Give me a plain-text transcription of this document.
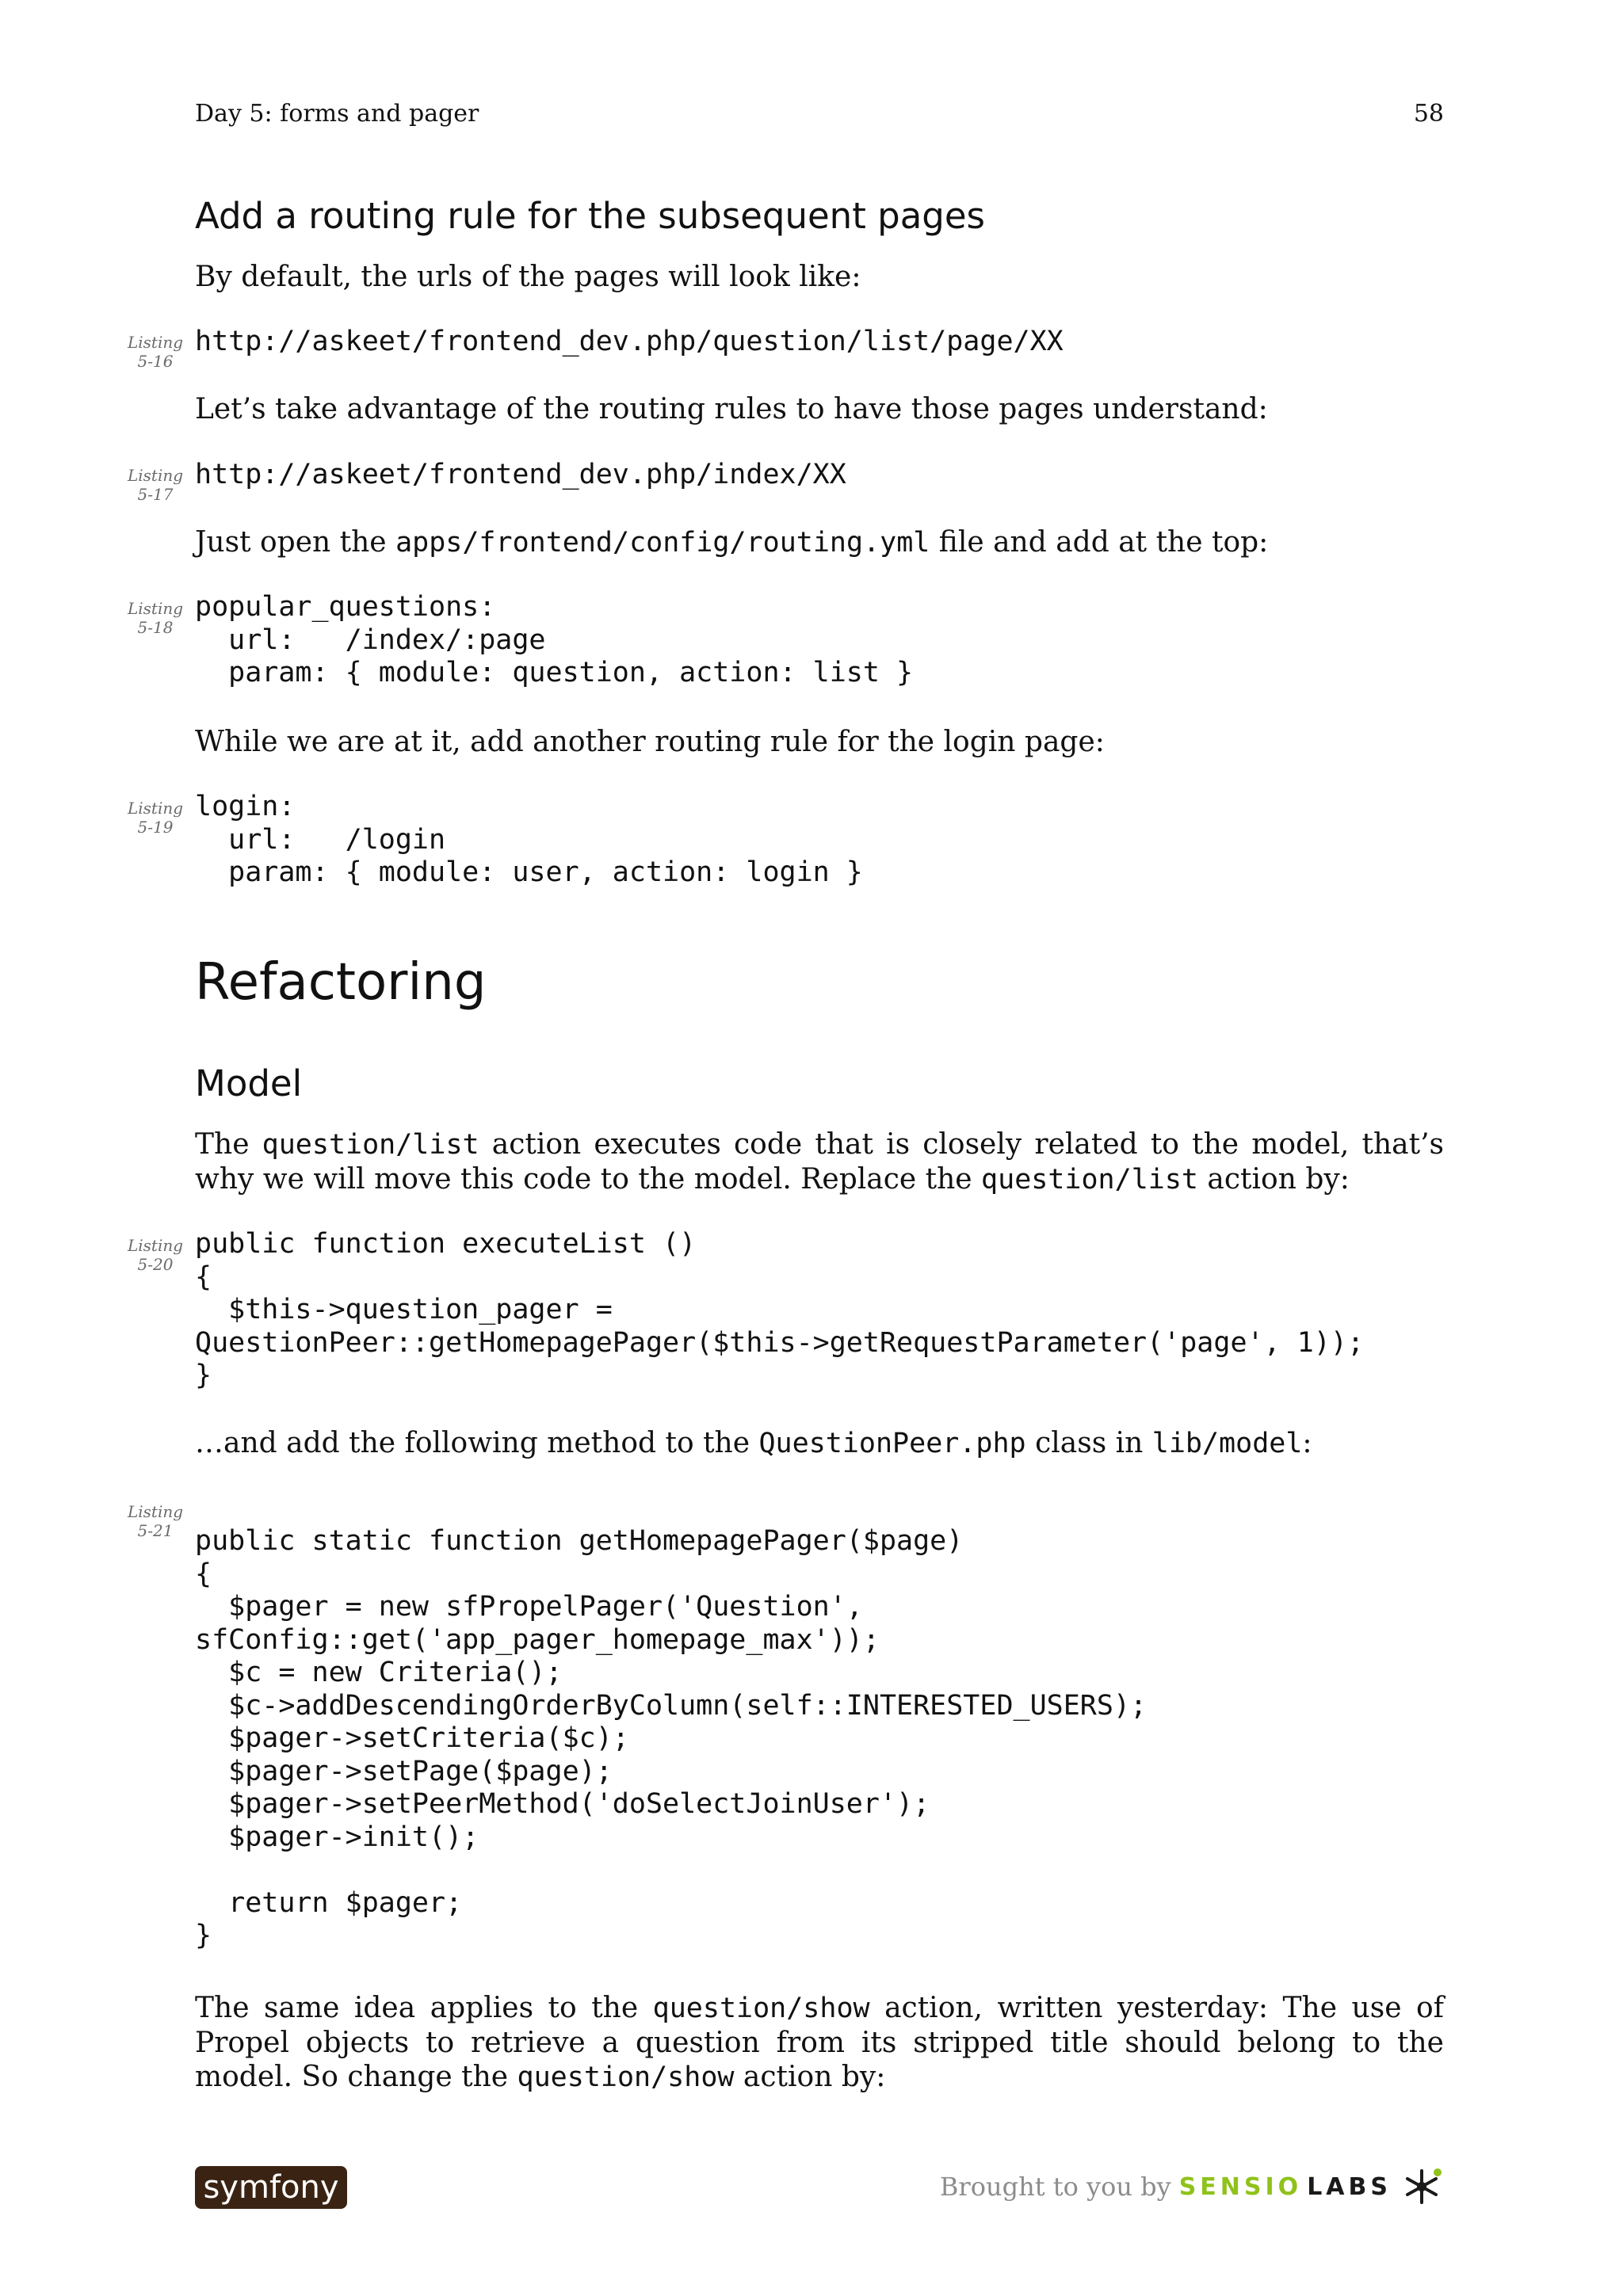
Day 5: forms and pager	58
Add a routing rule for the subsequent pages

By default, the urls of the pages will look like:

Listing
5-16
http://askeet/frontend_dev.php/question/list/page/XX

Let’s take advantage of the routing rules to have those pages understand:

Listing
5-17
http://askeet/frontend_dev.php/index/XX

Just open the apps/frontend/config/routing.yml file and add at the top:

Listing
5-18
popular_questions:
url:   /index/:page
param: { module: question, action: list }

While we are at it, add another routing rule for the login page:

Listing
5-19
login:
url:   /login
param: { module: user, action: login }
Refactoring
Model

The question/list action executes code that is closely related to the model, that’s why we will move this code to the model. Replace the question/list action by:

Listing
5-20
public function executeList ()
{
$this->question_pager =
QuestionPeer::getHomepagePager($this->getRequestParameter('page', 1));
}

…and add the following method to the QuestionPeer.php class in lib/model:

Listing
5-21 public static function getHomepagePager($page)
{
$pager = new sfPropelPager('Question',
sfConfig::get('app_pager_homepage_max'));
$c = new Criteria();
$c->addDescendingOrderByColumn(self::INTERESTED_USERS);
$pager->setCriteria($c);
$pager->setPage($page);
$pager->setPeerMethod('doSelectJoinUser');
$pager->init();

return $pager;
}

The same idea applies to the question/show action, written yesterday: The use of Propel objects to retrieve a question from its stripped title should belong to the model. So change the question/show action by:

symfony	Brought to you by SENSIO LABS
